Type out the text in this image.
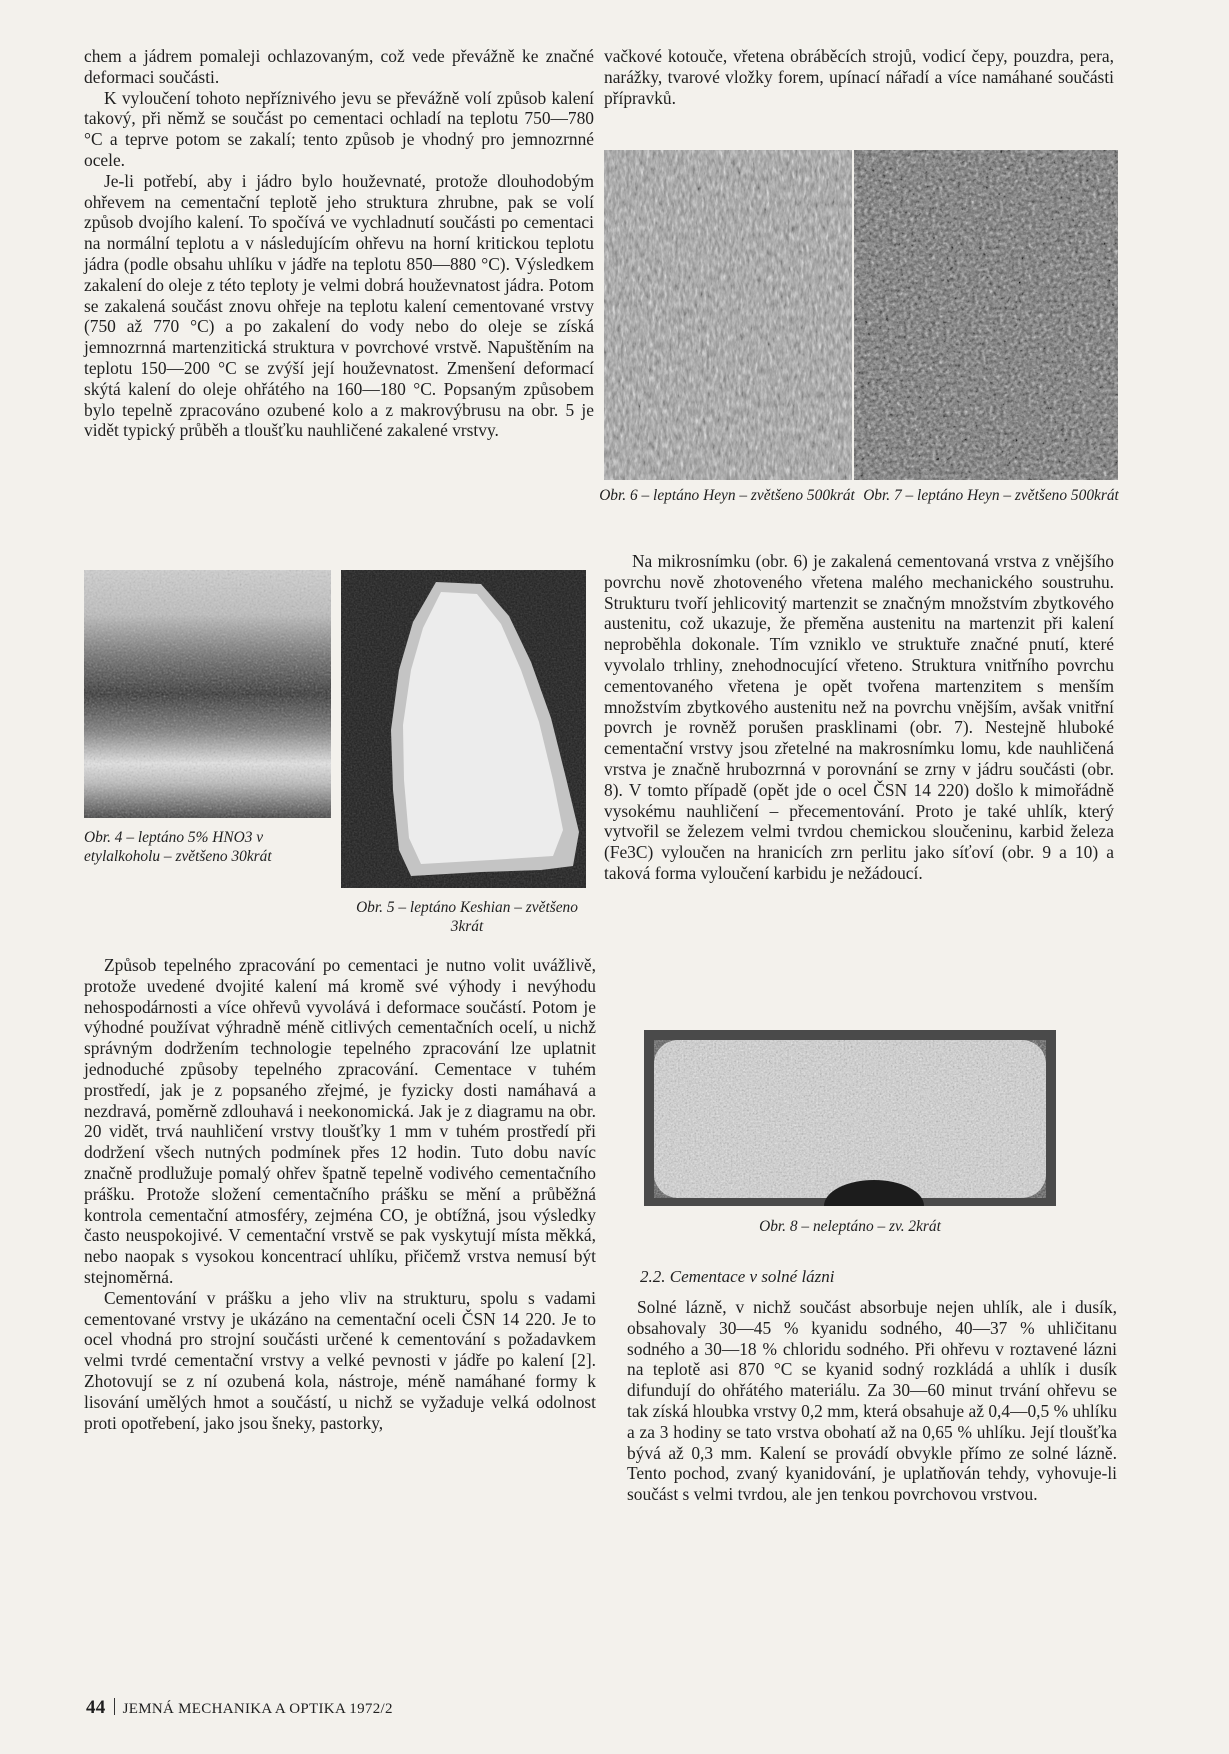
chem a jádrem pomaleji ochlazovaným, což vede převážně ke značné deformaci součásti.

K vyloučení tohoto nepříznivého jevu se převážně volí způsob kalení takový, při němž se součást po cementaci ochladí na teplotu 750—780 °C a teprve potom se zakalí; tento způsob je vhodný pro jemnozrnné ocele.

Je-li potřebí, aby i jádro bylo houževnaté, protože dlouhodobým ohřevem na cementační teplotě jeho struktura zhrubne, pak se volí způsob dvojího kalení. To spočívá ve vychladnutí součásti po cementaci na normální teplotu a v následujícím ohřevu na horní kritickou teplotu jádra (podle obsahu uhlíku v jádře na teplotu 850—880 °C). Výsledkem zakalení do oleje z této teploty je velmi dobrá houževnatost jádra. Potom se zakalená součást znovu ohřeje na teplotu kalení cementované vrstvy (750 až 770 °C) a po zakalení do vody nebo do oleje se získá jemnozrnná martenzitická struktura v povrchové vrstvě. Napuštěním na teplotu 150—200 °C se zvýší její houževnatost. Zmenšení deformací skýtá kalení do oleje ohřátého na 160—180 °C. Popsaným způsobem bylo tepelně zpracováno ozubené kolo a z makrovýbrusu na obr. 5 je vidět typický průběh a tloušťku nauhličené zakalené vrstvy.

vačkové kotouče, vřetena obráběcích strojů, vodicí čepy, pouzdra, pera, narážky, tvarové vložky forem, upínací nářadí a více namáhané součásti přípravků.

Obr. 6 – leptáno Heyn – zvětšeno 500krát Obr. 7 – leptáno Heyn – zvětšeno 500krát

Na mikrosnímku (obr. 6) je zakalená cementovaná vrstva z vnějšího povrchu nově zhotoveného vřetena malého mechanického soustruhu. Strukturu tvoří jehlicovitý martenzit se značným množstvím zbytkového austenitu, což ukazuje, že přeměna austenitu na martenzit při kalení neproběhla dokonale. Tím vzniklo ve struktuře značné pnutí, které vyvolalo trhliny, znehodnocující vřeteno. Struktura vnitřního povrchu cementovaného vřetena je opět tvořena martenzitem s menším množstvím zbytkového austenitu než na povrchu vnějším, avšak vnitřní povrch je rovněž porušen prasklinami (obr. 7). Nestejně hluboké cementační vrstvy jsou zřetelné na makrosnímku lomu, kde nauhličená vrstva je značně hrubozrnná v porovnání se zrny v jádru součásti (obr. 8). V tomto případě (opět jde o ocel ČSN 14 220) došlo k mimořádně vysokému nauhličení – přecementování. Proto je také uhlík, který vytvořil se železem velmi tvrdou chemickou sloučeninu, karbid železa (Fe3C) vyloučen na hranicích zrn perlitu jako síťoví (obr. 9 a 10) a taková forma vyloučení karbidu je nežádoucí.

Obr. 4 – leptáno 5% HNO3 v etylalkoholu – zvětšeno 30krát
Obr. 5 – leptáno Keshian – zvětšeno 3krát

Způsob tepelného zpracování po cementaci je nutno volit uvážlivě, protože uvedené dvojité kalení má kromě své výhody i nevýhodu nehospodárnosti a více ohřevů vyvolává i deformace součástí. Potom je výhodné používat výhradně méně citlivých cementačních ocelí, u nichž správným dodržením technologie tepelného zpracování lze uplatnit jednoduché způsoby tepelného zpracování. Cementace v tuhém prostředí, jak je z popsaného zřejmé, je fyzicky dosti namáhavá a nezdravá, poměrně zdlouhavá i neekonomická. Jak je z diagramu na obr. 20 vidět, trvá nauhličení vrstvy tloušťky 1 mm v tuhém prostředí při dodržení všech nutných podmínek přes 12 hodin. Tuto dobu navíc značně prodlužuje pomalý ohřev špatně tepelně vodivého cementačního prášku. Protože složení cementačního prášku se mění a průběžná kontrola cementační atmosféry, zejména CO, je obtížná, jsou výsledky často neuspokojivé. V cementační vrstvě se pak vyskytují místa měkká, nebo naopak s vysokou koncentrací uhlíku, přičemž vrstva nemusí být stejnoměrná.

Cementování v prášku a jeho vliv na strukturu, spolu s vadami cementované vrstvy je ukázáno na cementační oceli ČSN 14 220. Je to ocel vhodná pro strojní součásti určené k cementování s požadavkem velmi tvrdé cementační vrstvy a velké pevnosti v jádře po kalení [2]. Zhotovují se z ní ozubená kola, nástroje, méně namáhané formy k lisování umělých hmot a součástí, u nichž se vyžaduje velká odolnost proti opotřebení, jako jsou šneky, pastorky,

Obr. 8 – neleptáno – zv. 2krát
2.2. Cementace v solné lázni

Solné lázně, v nichž součást absorbuje nejen uhlík, ale i dusík, obsahovaly 30—45 % kyanidu sodného, 40—37 % uhličitanu sodného a 30—18 % chloridu sodného. Při ohřevu v roztavené lázni na teplotě asi 870 °C se kyanid sodný rozkládá a uhlík i dusík difundují do ohřátého materiálu. Za 30—60 minut trvání ohřevu se tak získá hloubka vrstvy 0,2 mm, která obsahuje až 0,4—0,5 % uhlíku a za 3 hodiny se tato vrstva obohatí až na 0,65 % uhlíku. Její tloušťka bývá až 0,3 mm. Kalení se provádí obvykle přímo ze solné lázně. Tento pochod, zvaný kyanidování, je uplatňován tehdy, vyhovuje-li součást s velmi tvrdou, ale jen tenkou povrchovou vrstvou.

44 JEMNÁ MECHANIKA A OPTIKA 1972/2
